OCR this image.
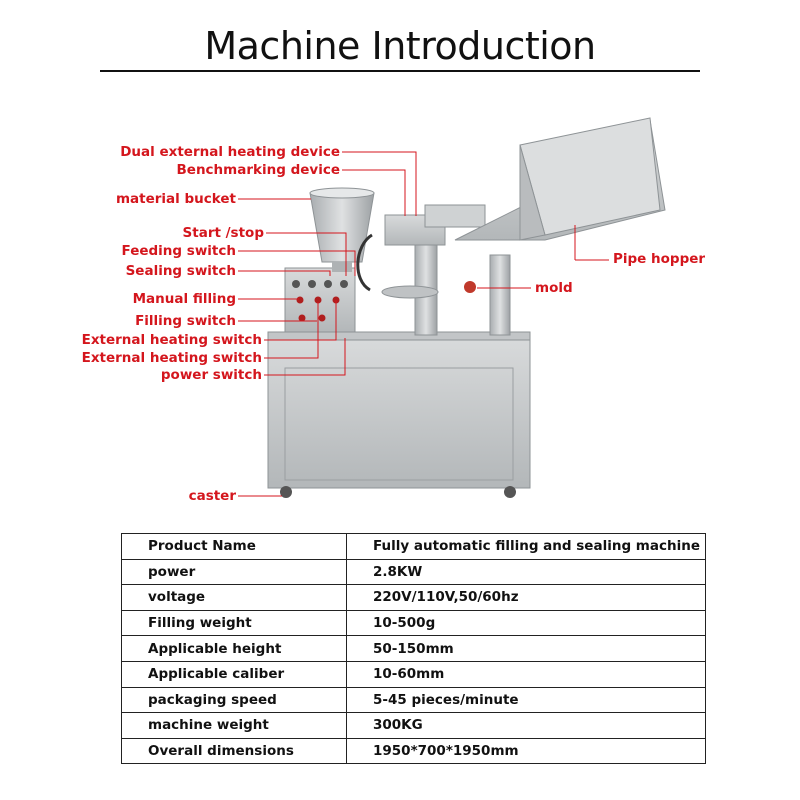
Machine Introduction
Dual external heating device
Benchmarking device
material bucket
Start /stop
Feeding switch
Sealing switch
Manual filling
Filling switch
External heating switch
External heating switch
power switch
caster
Pipe hopper
mold
Product Name	Fully automatic filling and sealing machine
power	2.8KW
voltage	220V/110V,50/60hz
Filling weight	10-500g
Applicable height	50-150mm
Applicable caliber	10-60mm
packaging speed	5-45 pieces/minute
machine weight	300KG
Overall dimensions	1950*700*1950mm
